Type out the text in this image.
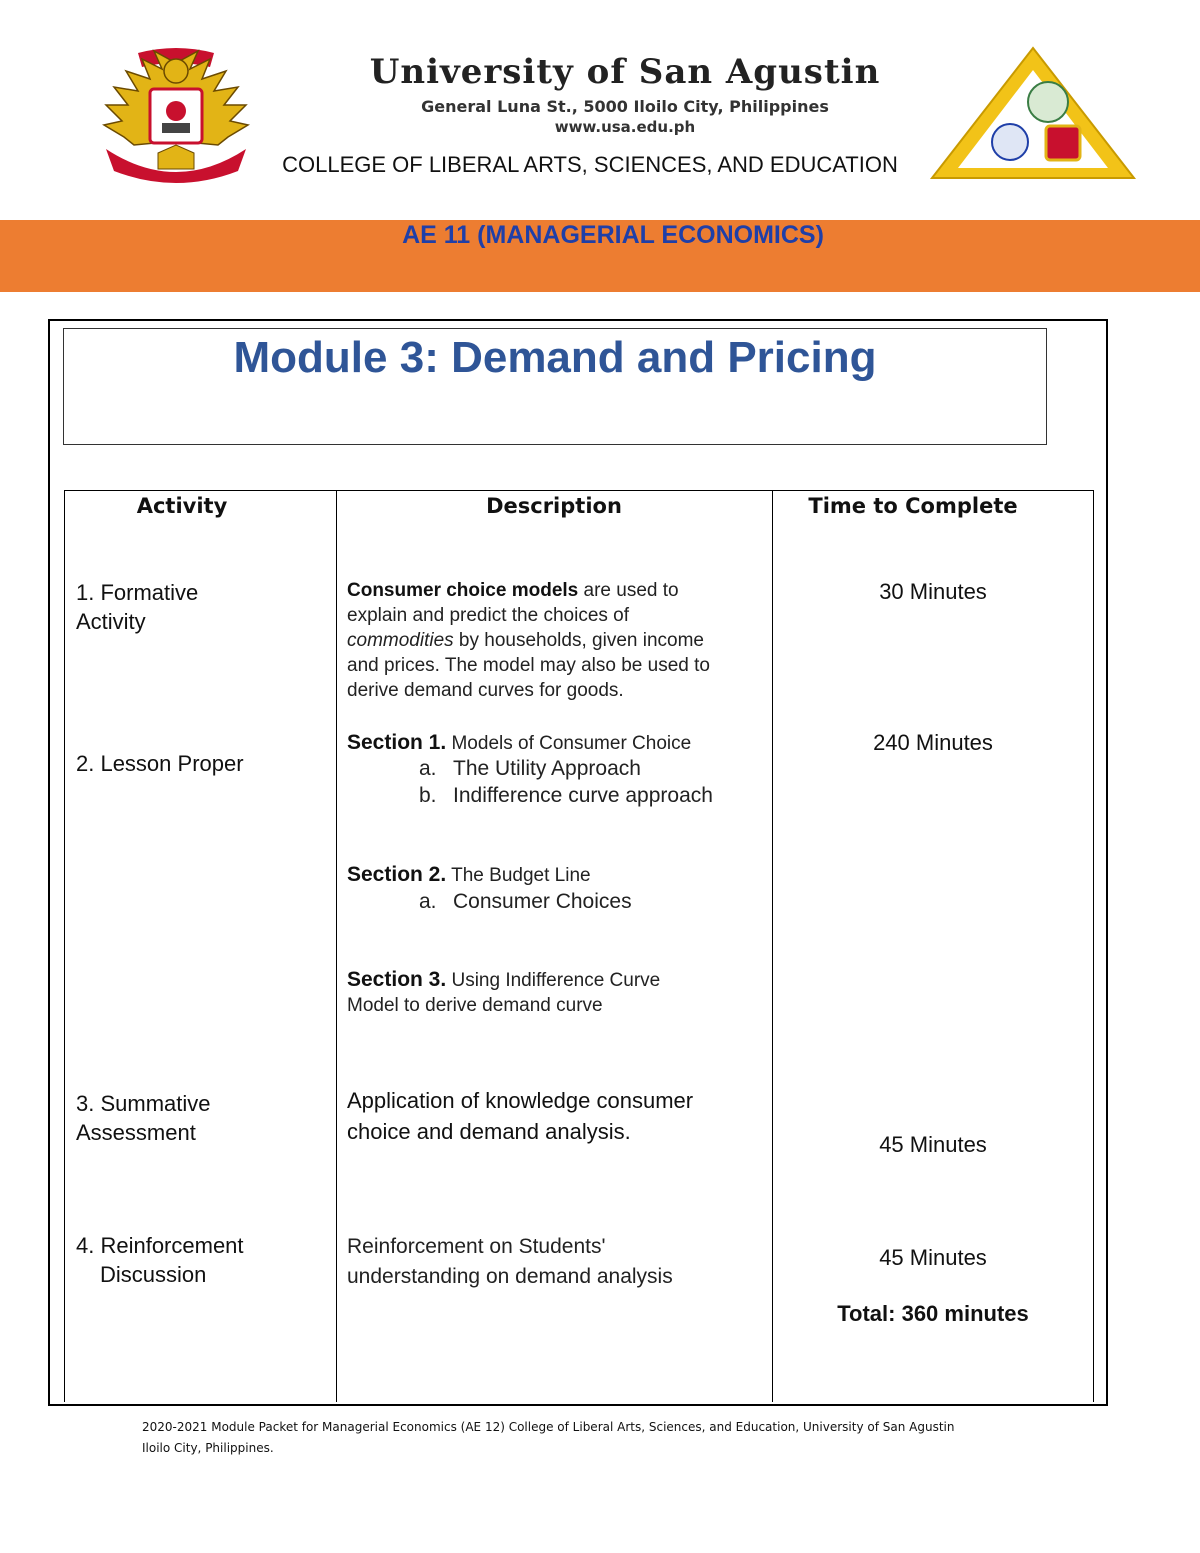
University of San Agustin
General Luna St., 5000 Iloilo City, Philippines
www.usa.edu.ph
COLLEGE OF LIBERAL ARTS, SCIENCES, AND EDUCATION
AE 11 (MANAGERIAL ECONOMICS)
Module 3: Demand and Pricing
Activity	Description	Time to Complete
1. Formative
Activity
Consumer choice models are used to
explain and predict the choices of
commodities by households, given income
and prices. The model may also be used to
derive demand curves for goods.
30 Minutes
2. Lesson Proper
Section 1. Models of Consumer Choice
a. The Utility Approach
b. Indifference curve approach
Section 2. The Budget Line
a. Consumer Choices
Section 3. Using Indifference Curve
Model to derive demand curve
240 Minutes
3. Summative
Assessment
Application of knowledge consumer
choice and demand analysis.
45 Minutes
4. Reinforcement
Discussion
Reinforcement on Students'
understanding on demand analysis
45 Minutes
Total: 360 minutes
2020-2021 Module Packet for Managerial Economics (AE 12) College of Liberal Arts, Sciences, and Education, University of San Agustin
Iloilo City, Philippines.
